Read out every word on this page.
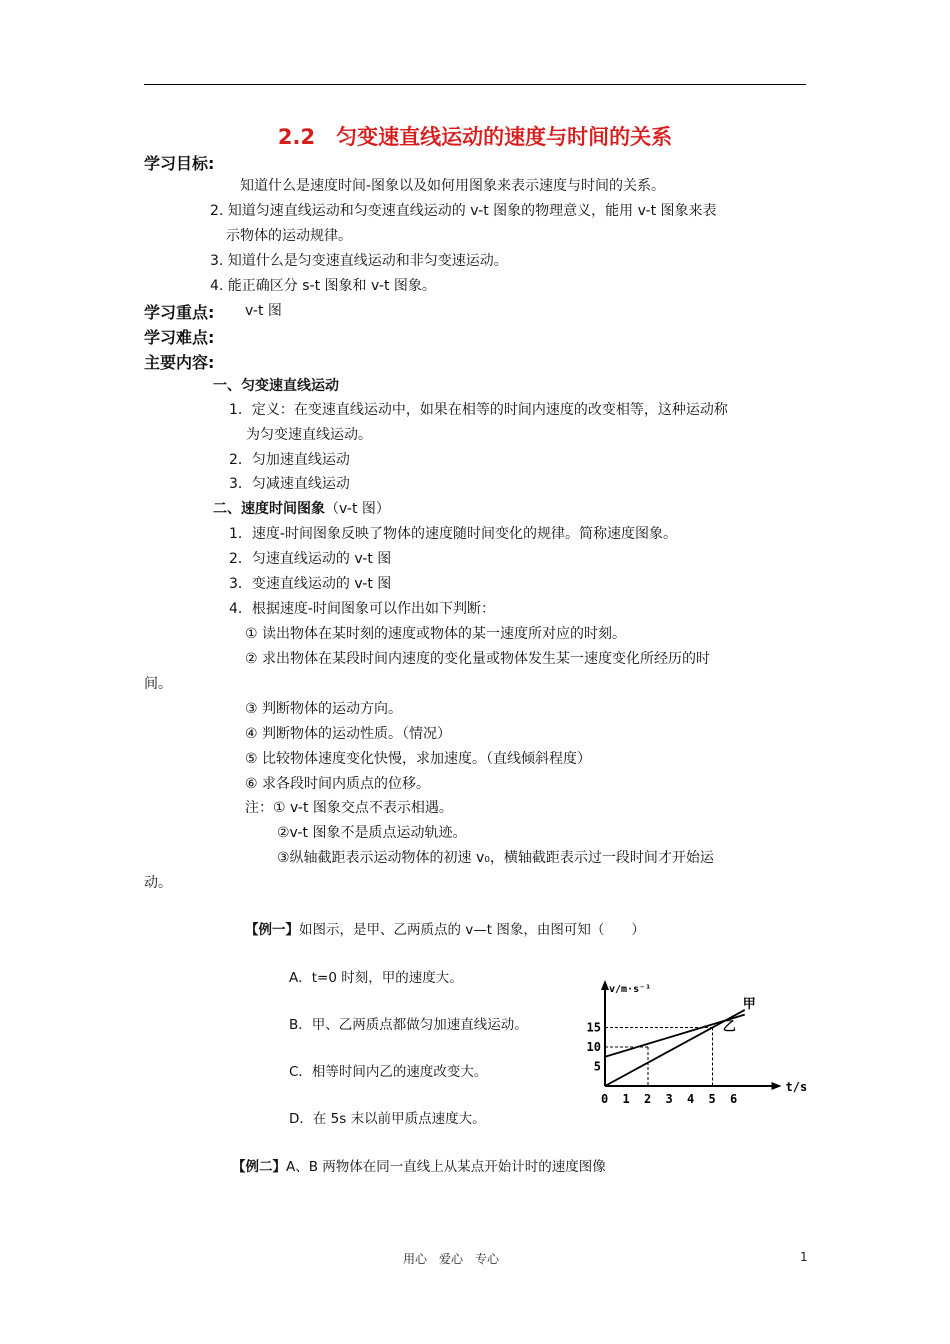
2.2　匀变速直线运动的速度与时间的关系
学习目标:
知道什么是速度时间-图象以及如何用图象来表示速度与时间的关系。
2. 知道匀速直线运动和匀变速直线运动的 v-t 图象的物理意义，能用 v-t 图象来表
示物体的运动规律。
3. 知道什么是匀变速直线运动和非匀变速运动。
4. 能正确区分 s-t 图象和 v-t 图象。
学习重点: v-t 图
学习难点:
主要内容:
一、匀变速直线运动
1．定义：在变速直线运动中，如果在相等的时间内速度的改变相等，这种运动称
为匀变速直线运动。
2．匀加速直线运动
3．匀减速直线运动
二、速度时间图象（v-t 图）
1．速度-时间图象反映了物体的速度随时间变化的规律。简称速度图象。
2．匀速直线运动的 v-t 图
3．变速直线运动的 v-t 图
4．根据速度-时间图象可以作出如下判断：
① 读出物体在某时刻的速度或物体的某一速度所对应的时刻。
② 求出物体在某段时间内速度的变化量或物体发生某一速度变化所经历的时
间。
③ 判断物体的运动方向。
④ 判断物体的运动性质。（情况）
⑤ 比较物体速度变化快慢，求加速度。（直线倾斜程度）
⑥ 求各段时间内质点的位移。
注：① v-t 图象交点不表示相遇。
②v-t 图象不是质点运动轨迹。
③纵轴截距表示运动物体的初速 v₀，横轴截距表示过一段时间才开始运
动。
【例一】如图示，是甲、乙两质点的 v—t 图象，由图可知（　　）
A．t=0 时刻，甲的速度大。
B．甲、乙两质点都做匀加速直线运动。
C．相等时间内乙的速度改变大。
D．在 5s 末以前甲质点速度大。
v/m·s⁻¹
t/s
0 1 2 3 4 5 6
5
10
15
甲
乙
【例二】A、B 两物体在同一直线上从某点开始计时的速度图像
用心　爱心　专心	1
